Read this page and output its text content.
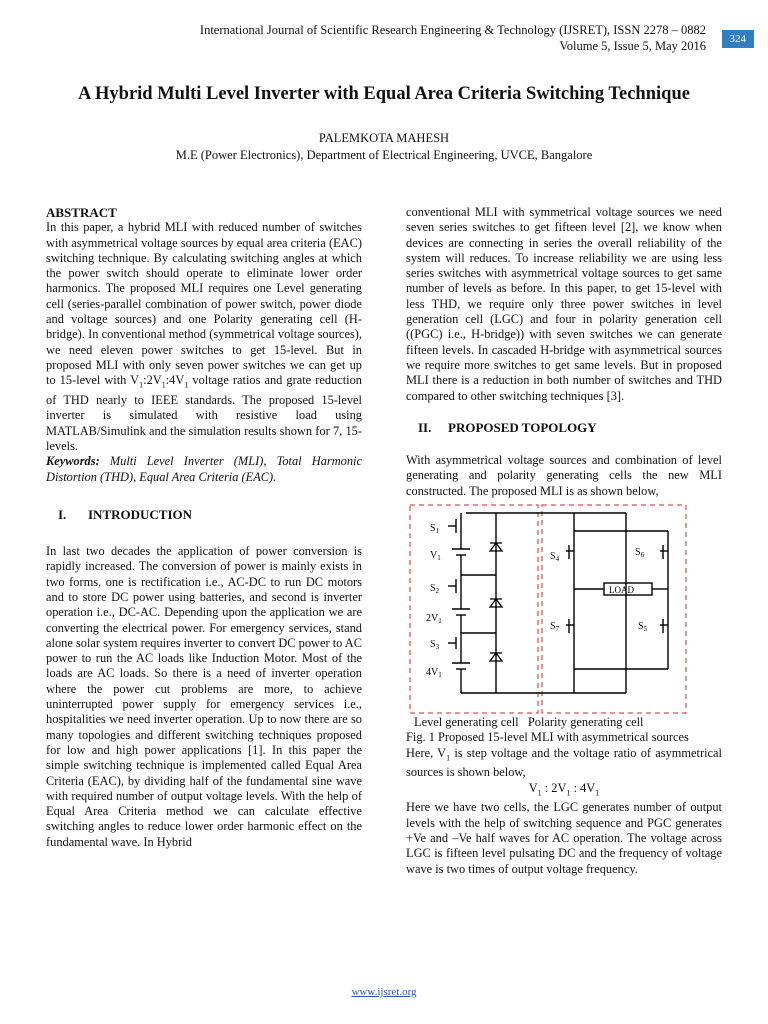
International Journal of Scientific Research Engineering & Technology (IJSRET), ISSN 2278 – 0882
Volume 5, Issue 5, May 2016	324
A Hybrid Multi Level Inverter with Equal Area Criteria Switching Technique
PALEMKOTA MAHESH
M.E (Power Electronics), Department of Electrical Engineering, UVCE, Bangalore
ABSTRACT

In this paper, a hybrid MLI with reduced number of switches with asymmetrical voltage sources by equal area criteria (EAC) switching technique. By calculating switching angles at which the power switch should operate to eliminate lower order harmonics. The proposed MLI requires one Level generating cell (series-parallel combination of power switch, power diode and voltage sources) and one Polarity generating cell (H-bridge). In conventional method (symmetrical voltage sources), we need eleven power switches to get 15-level. But in proposed MLI with only seven power switches we can get up to 15-level with $V_1:2V_1:4V_1$ voltage ratios and grate reduction of THD nearly to IEEE standards. The proposed 15-level inverter is simulated with resistive load using MATLAB/Simulink and the simulation results shown for 7, 15-levels.

Keywords: Multi Level Inverter (MLI), Total Harmonic Distortion (THD), Equal Area Criteria (EAC).

I. INTRODUCTION

In last two decades the application of power conversion is rapidly increased. The conversion of power is mainly exists in two forms, one is rectification i.e., AC-DC to run DC motors and to store DC power using batteries, and second is inverter operation i.e., DC-AC. Depending upon the application we are converting the electrical power. For emergency services, stand alone solar system requires inverter to convert DC power to AC power to run the AC loads like Induction Motor. Most of the loads are AC loads. So there is a need of inverter operation where the power cut problems are more, to achieve uninterrupted power supply for emergency services i.e., hospitalities we need inverter operation. Up to now there are so many topologies and different switching techniques proposed for low and high power applications [1]. In this paper the simple switching technique is implemented called Equal Area Criteria (EAC), by dividing half of the fundamental sine wave with required number of output voltage levels. With the help of Equal Area Criteria method we can calculate effective switching angles to reduce lower order harmonic effect on the fundamental wave. In Hybrid

conventional MLI with symmetrical voltage sources we need seven series switches to get fifteen level [2], we know when devices are connecting in series the overall reliability of the system will reduces. To increase reliability we are using less series switches with asymmetrical voltage sources to get same number of levels as before. In this paper, to get 15-level with less THD, we require only three power switches in level generation cell (LGC) and four in polarity generation cell ((PGC) i.e., H-bridge)) with seven switches we can generate fifteen levels. In cascaded H-bridge with asymmetrical sources we require more switches to get same levels. But in proposed MLI there is a reduction in both number of switches and THD compared to other switching techniques [3].

II. PROPOSED TOPOLOGY

With asymmetrical voltage sources and combination of level generating and polarity generating cells the new MLI constructed. The proposed MLI is as shown below,

$S_1$
$V_1$
$S_2$
$2V_1$
$S_3$
$4V_1$
$S_4$
$S_6$
$S_7$	$S_5$
LOAD
Level generating cell Polarity generating cell

Fig. 1 Proposed 15-level MLI with asymmetrical sources

Here, $V_1$ is step voltage and the voltage ratio of asymmetrical sources is shown below,

$V_1$ : $2V_1$ : $4V_1$

Here we have two cells, the LGC generates number of output levels with the help of switching sequence and PGC generates +Ve and –Ve half waves for AC operation. The voltage across LGC is fifteen level pulsating DC and the frequency of voltage wave is two times of output voltage frequency.

www.ijsret.org
